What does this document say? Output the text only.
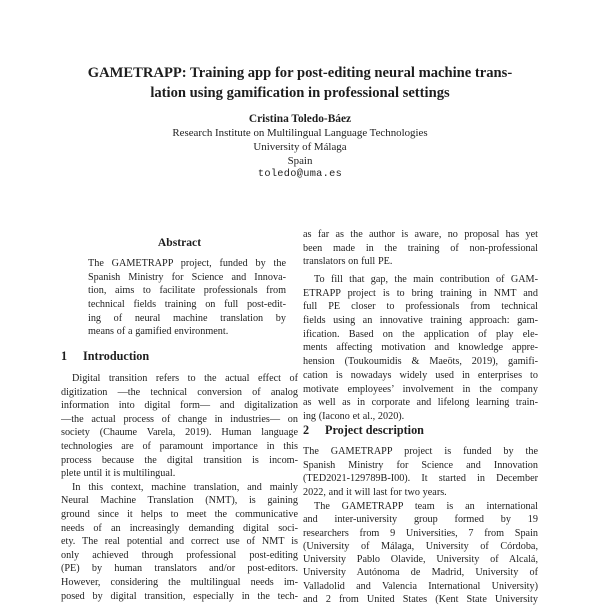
GAMETRAPP: Training app for post-editing neural machine trans-
lation using gamification in professional settings
Cristina Toledo-Báez
Research Institute on Multilingual Language Technologies
University of Málaga
Spain
toledo@uma.es
Abstract
The GAMETRAPP project, funded by the
Spanish Ministry for Science and Innova-
tion, aims to facilitate professionals from
technical fields training on full post-edit-
ing of neural machine translation by
means of a gamified environment.
1 Introduction
Digital transition refers to the actual effect of
digitization —the technical conversion of analog
information into digital form— and digitalization
—the actual process of change in industries— on
society (Chaume Varela, 2019). Human language
technologies are of paramount importance in this
process because the digital transition is incom-
plete until it is multilingual.
In this context, machine translation, and mainly
Neural Machine Translation (NMT), is gaining
ground since it helps to meet the communicative
needs of an increasingly demanding digital soci-
ety. The real potential and correct use of NMT is
only achieved through professional post-editing
(PE) by human translators and/or post-editors.
However, considering the multilingual needs im-
posed by digital transition, especially in the tech-
as far as the author is aware, no proposal has yet
been made in the training of non-professional
translators on full PE.
To fill that gap, the main contribution of GAM-
ETRAPP project is to bring training in NMT and
full PE closer to professionals from technical
fields using an innovative training approach: gam-
ification. Based on the application of play ele-
ments affecting motivation and knowledge appre-
hension (Toukoumidis & Maeöts, 2019), gamifi-
cation is nowadays widely used in enterprises to
motivate employees’ involvement in the company
as well as in corporate and lifelong learning train-
ing (Iacono et al., 2020).
2 Project description
The GAMETRAPP project is funded by the
Spanish Ministry for Science and Innovation
(TED2021-129789B-I00). It started in December
2022, and it will last for two years.
The GAMETRAPP team is an international
and inter-university group formed by 19
researchers from 9 Universities, 7 from Spain
(University of Málaga, University of Córdoba,
University Pablo Olavide, University of Alcalá,
University Autónoma de Madrid, University of
Valladolid and Valencia International University)
and 2 from United States (Kent State University
